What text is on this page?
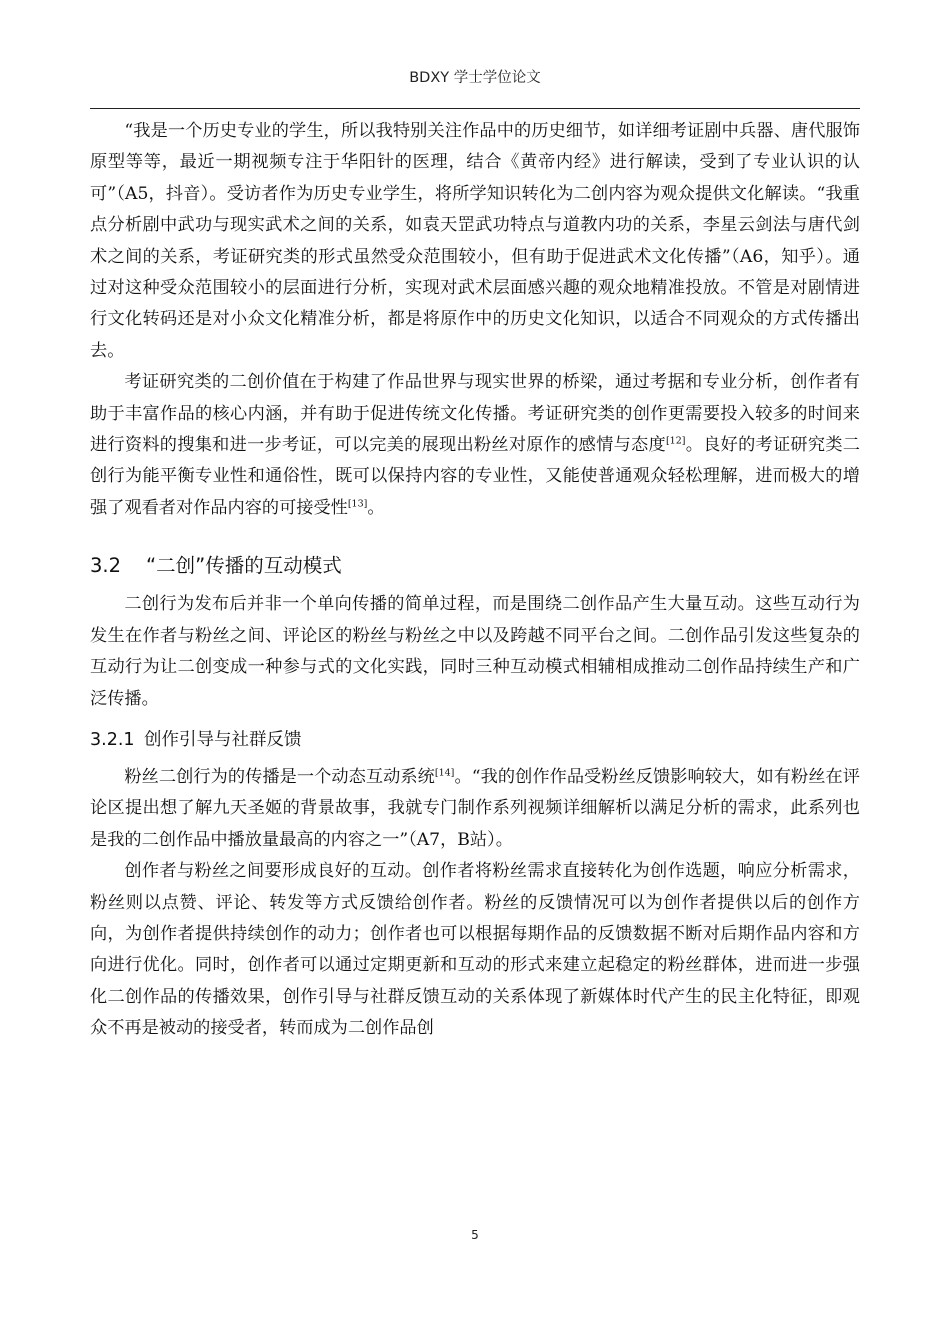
BDXY 学士学位论文

“我是一个历史专业的学生，所以我特别关注作品中的历史细节，如详细考证剧中兵器、唐代服饰原型等等，最近一期视频专注于华阳针的医理，结合《黄帝内经》进行解读，受到了专业认识的认可”（A5，抖音）。受访者作为历史专业学生，将所学知识转化为二创内容为观众提供文化解读。“我重点分析剧中武功与现实武术之间的关系，如袁天罡武功特点与道教内功的关系，李星云剑法与唐代剑术之间的关系，考证研究类的形式虽然受众范围较小，但有助于促进武术文化传播”（A6，知乎）。通过对这种受众范围较小的层面进行分析，实现对武术层面感兴趣的观众地精准投放。不管是对剧情进行文化转码还是对小众文化精准分析，都是将原作中的历史文化知识，以适合不同观众的方式传播出去。

考证研究类的二创价值在于构建了作品世界与现实世界的桥梁，通过考据和专业分析，创作者有助于丰富作品的核心内涵，并有助于促进传统文化传播。考证研究类的创作更需要投入较多的时间来进行资料的搜集和进一步考证，可以完美的展现出粉丝对原作的感情与态度[12]。良好的考证研究类二创行为能平衡专业性和通俗性，既可以保持内容的专业性，又能使普通观众轻松理解，进而极大的增强了观看者对作品内容的可接受性[13]。

3.2 “二创”传播的互动模式

二创行为发布后并非一个单向传播的简单过程，而是围绕二创作品产生大量互动。这些互动行为发生在作者与粉丝之间、评论区的粉丝与粉丝之中以及跨越不同平台之间。二创作品引发这些复杂的互动行为让二创变成一种参与式的文化实践，同时三种互动模式相辅相成推动二创作品持续生产和广泛传播。

3.2.1 创作引导与社群反馈

粉丝二创行为的传播是一个动态互动系统[14]。“我的创作作品受粉丝反馈影响较大，如有粉丝在评论区提出想了解九天圣姬的背景故事，我就专门制作系列视频详细解析以满足分析的需求，此系列也是我的二创作品中播放量最高的内容之一”（A7，B站）。

创作者与粉丝之间要形成良好的互动。创作者将粉丝需求直接转化为创作选题，响应分析需求，粉丝则以点赞、评论、转发等方式反馈给创作者。粉丝的反馈情况可以为创作者提供以后的创作方向，为创作者提供持续创作的动力；创作者也可以根据每期作品的反馈数据不断对后期作品内容和方向进行优化。同时，创作者可以通过定期更新和互动的形式来建立起稳定的粉丝群体，进而进一步强化二创作品的传播效果，创作引导与社群反馈互动的关系体现了新媒体时代产生的民主化特征，即观众不再是被动的接受者，转而成为二创作品创

5
